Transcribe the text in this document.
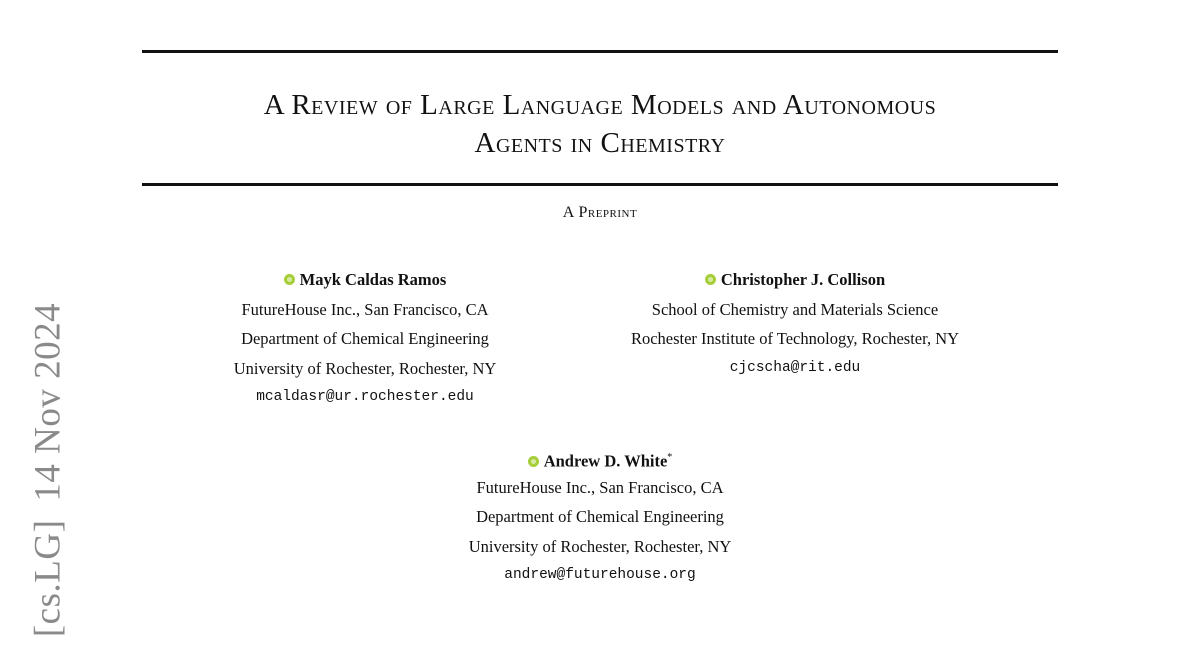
A Review of Large Language Models and Autonomous
Agents in Chemistry
A Preprint
Mayk Caldas Ramos
FutureHouse Inc., San Francisco, CA
Department of Chemical Engineering
University of Rochester, Rochester, NY
mcaldasr@ur.rochester.edu
Christopher J. Collison
School of Chemistry and Materials Science
Rochester Institute of Technology, Rochester, NY
cjcscha@rit.edu
Andrew D. White*
FutureHouse Inc., San Francisco, CA
Department of Chemical Engineering
University of Rochester, Rochester, NY
andrew@futurehouse.org
[cs.LG]14 Nov 2024
